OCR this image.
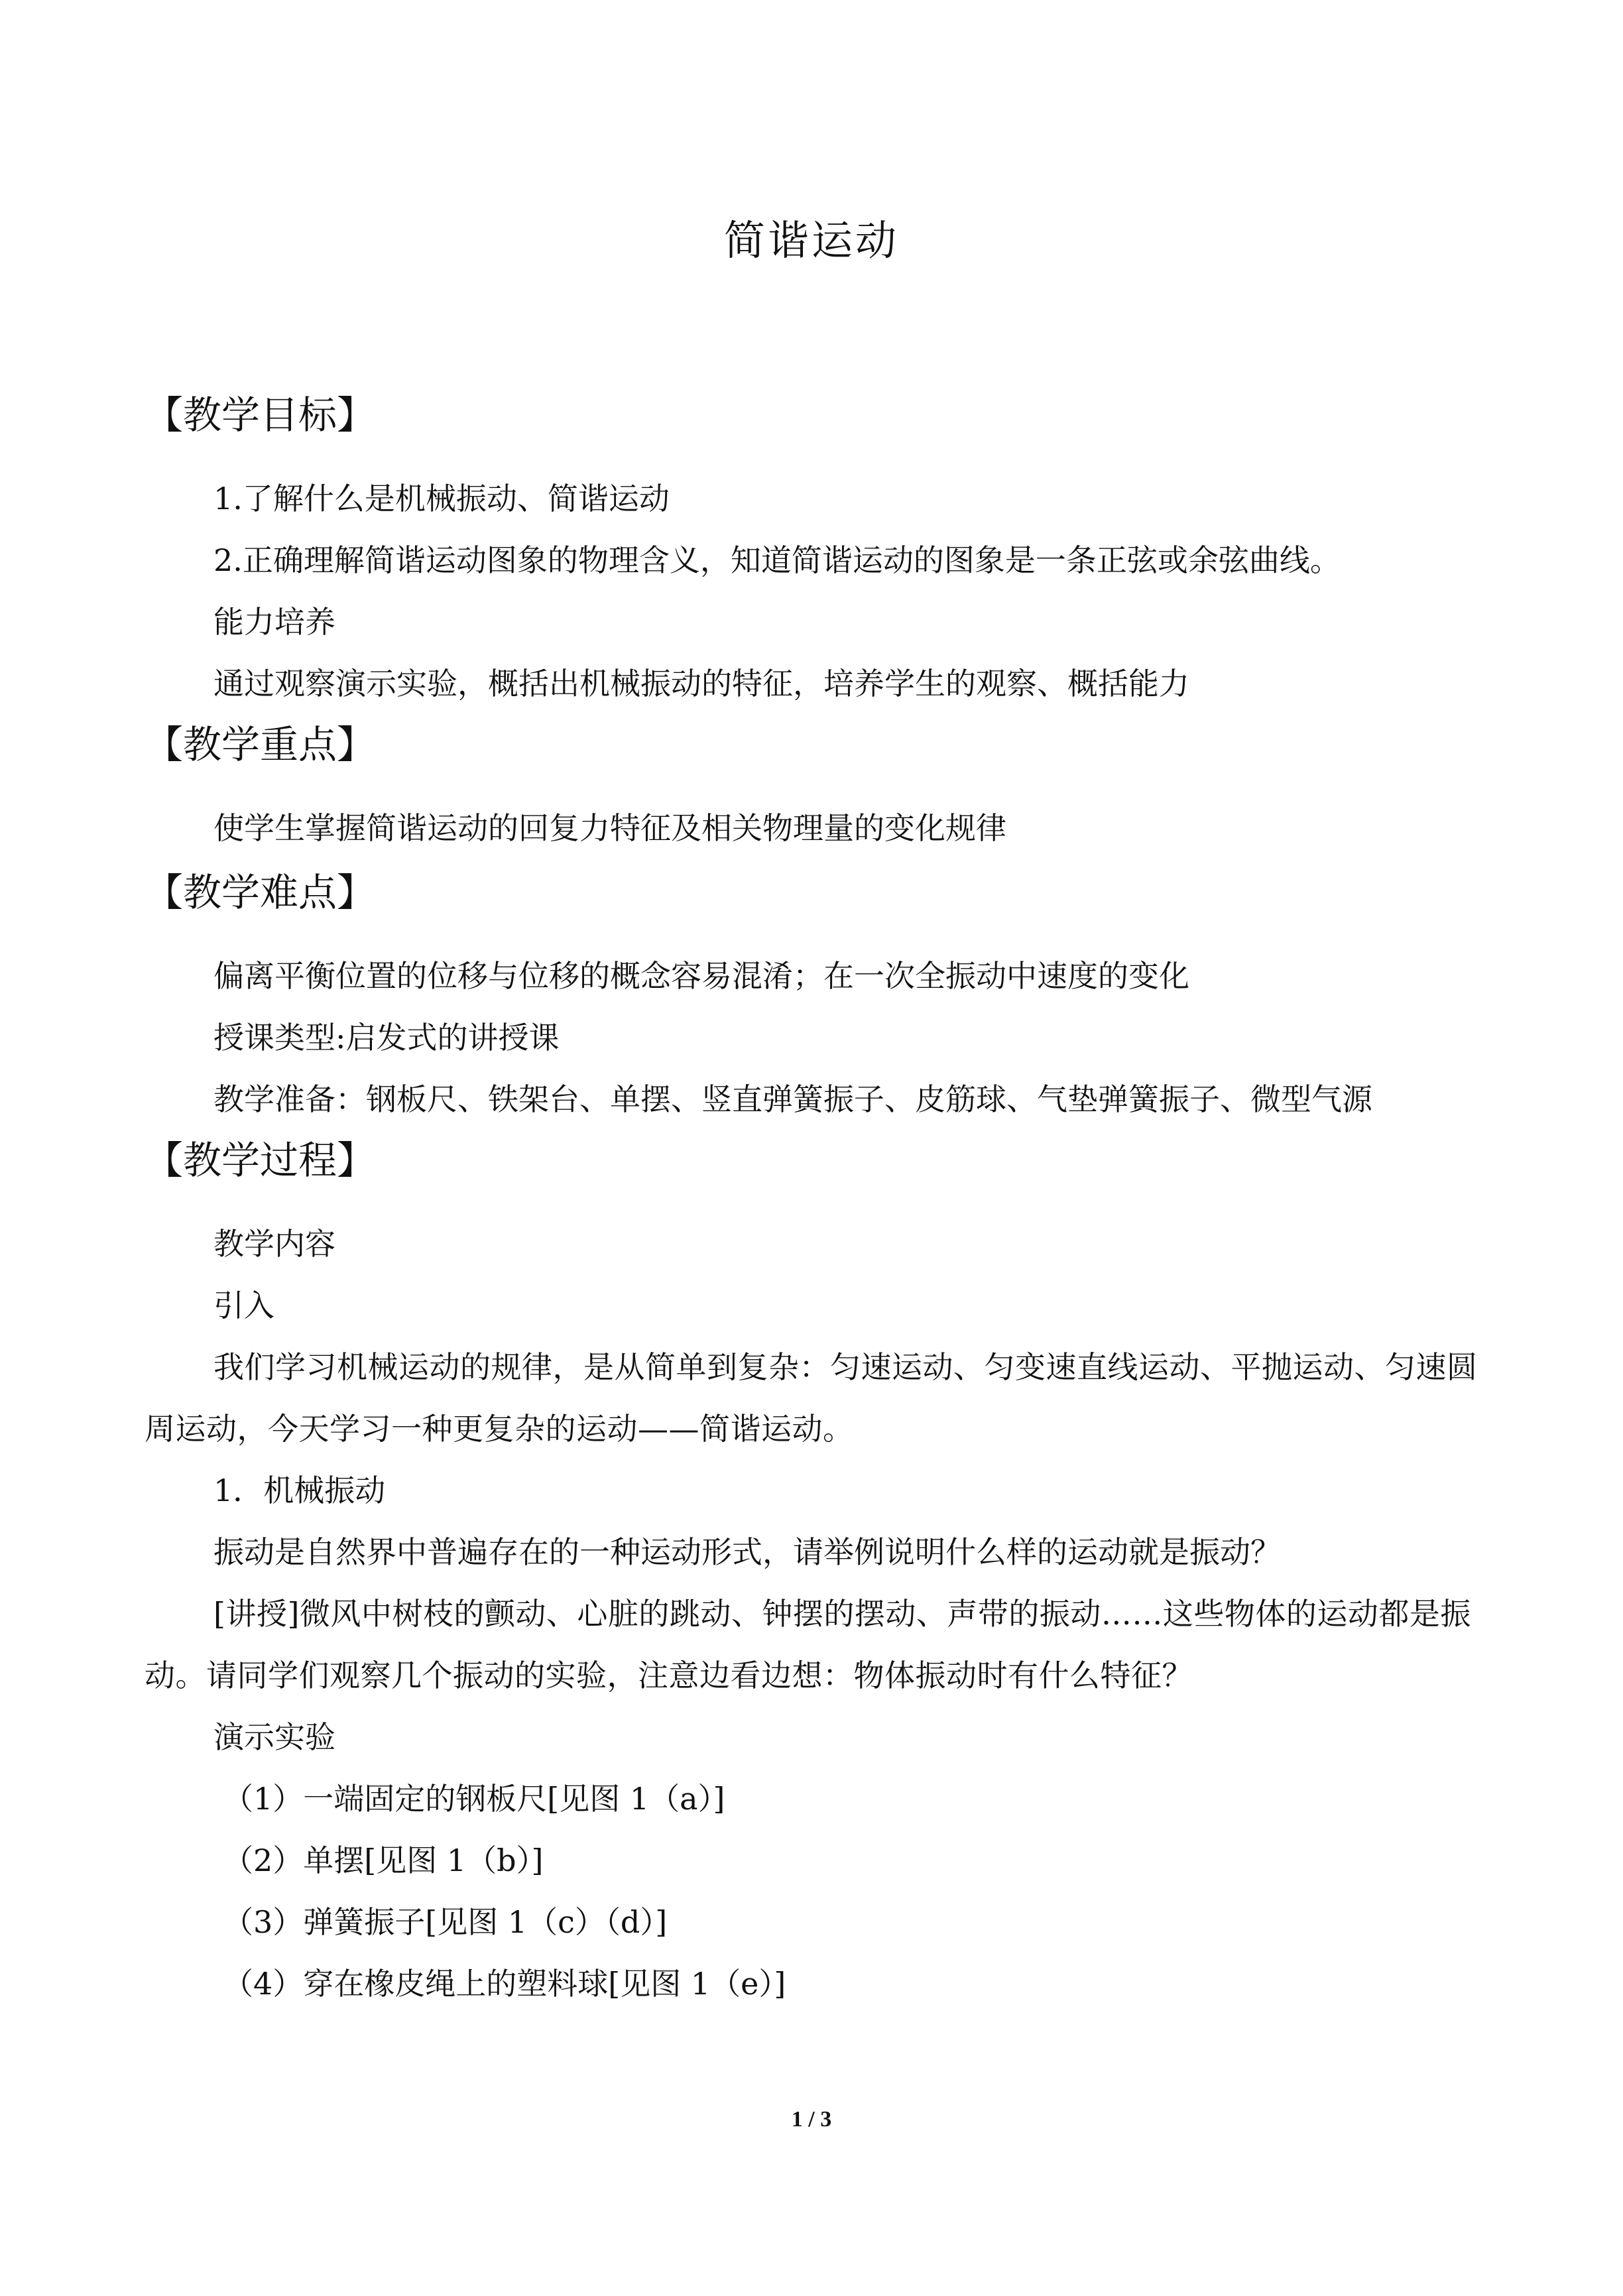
简谐运动
【教学目标】

1.了解什么是机械振动、简谐运动

2.正确理解简谐运动图象的物理含义，知道简谐运动的图象是一条正弦或余弦曲线。

能力培养

通过观察演示实验，概括出机械振动的特征，培养学生的观察、概括能力

【教学重点】

使学生掌握简谐运动的回复力特征及相关物理量的变化规律

【教学难点】

偏离平衡位置的位移与位移的概念容易混淆；在一次全振动中速度的变化

授课类型:启发式的讲授课

教学准备：钢板尺、铁架台、单摆、竖直弹簧振子、皮筋球、气垫弹簧振子、微型气源

【教学过程】

教学内容

引入

我们学习机械运动的规律，是从简单到复杂：匀速运动、匀变速直线运动、平抛运动、匀速圆周运动，今天学习一种更复杂的运动——简谐运动。

1．机械振动

振动是自然界中普遍存在的一种运动形式，请举例说明什么样的运动就是振动？

[讲授]微风中树枝的颤动、心脏的跳动、钟摆的摆动、声带的振动……这些物体的运动都是振动。请同学们观察几个振动的实验，注意边看边想：物体振动时有什么特征？

演示实验

（1）一端固定的钢板尺[见图 1（a）]

（2）单摆[见图 1（b）]

（3）弹簧振子[见图 1（c）（d）]

（4）穿在橡皮绳上的塑料球[见图 1（e）]

1 / 3
